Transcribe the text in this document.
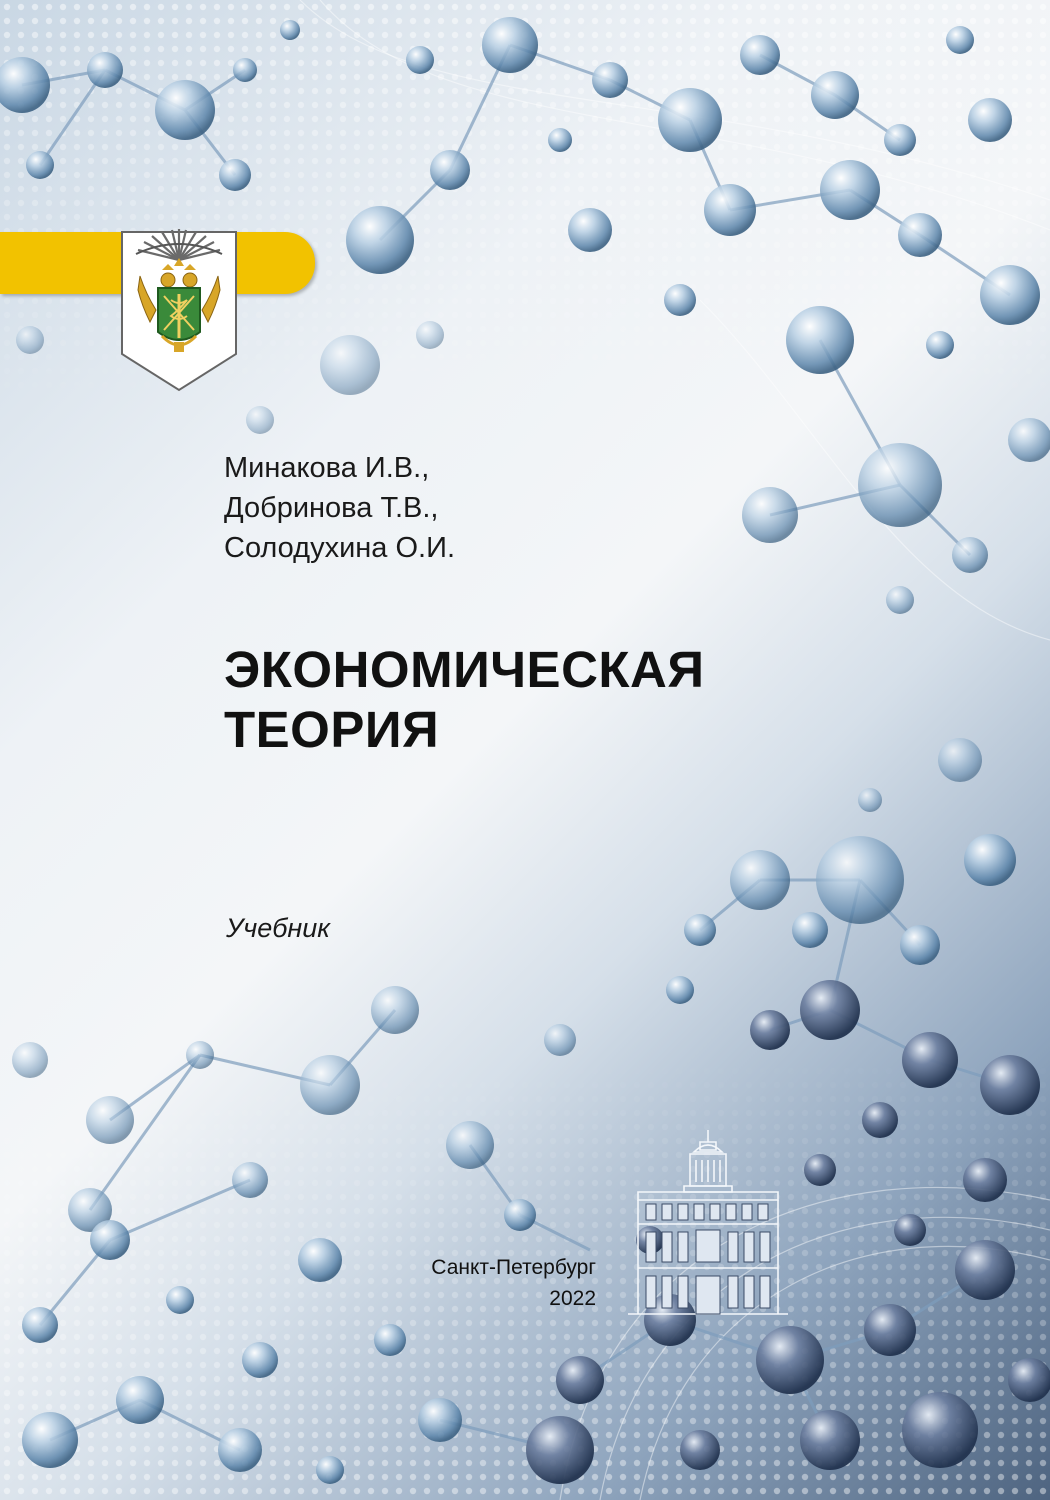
Минакова И.В.,
Добринова Т.В.,
Солодухина О.И.
ЭКОНОМИЧЕСКАЯ
ТЕОРИЯ
Учебник
Санкт-Петербург
2022
